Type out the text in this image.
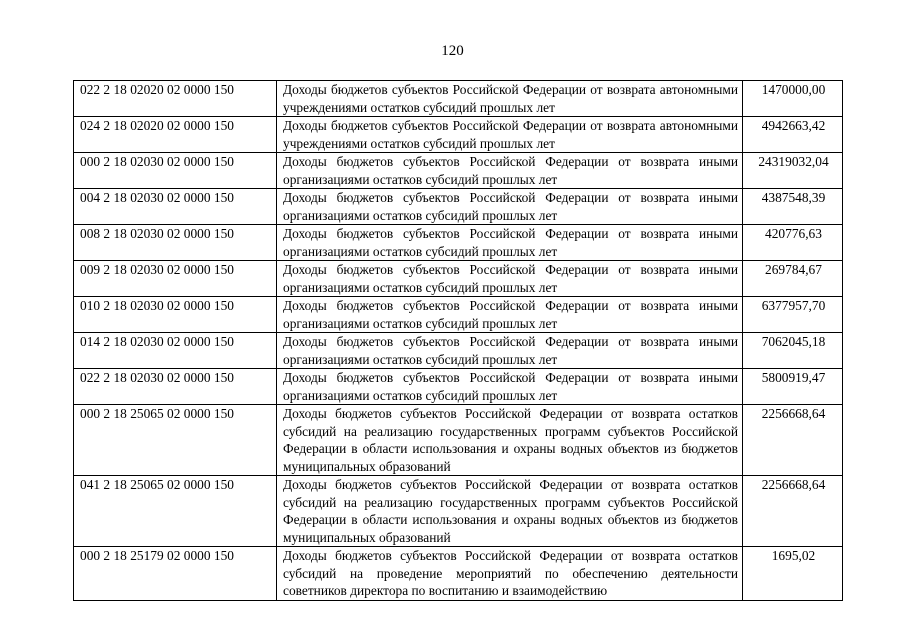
120
022 2 18 02020 02 0000 150	Доходы бюджетов субъектов Российской Федерации от возврата автономными учреждениями остатков субсидий прошлых лет	1470000,00
024 2 18 02020 02 0000 150	Доходы бюджетов субъектов Российской Федерации от возврата автономными учреждениями остатков субсидий прошлых лет	4942663,42
000 2 18 02030 02 0000 150	Доходы бюджетов субъектов Российской Федерации от возврата иными организациями остатков субсидий прошлых лет	24319032,04
004 2 18 02030 02 0000 150	Доходы бюджетов субъектов Российской Федерации от возврата иными организациями остатков субсидий прошлых лет	4387548,39
008 2 18 02030 02 0000 150	Доходы бюджетов субъектов Российской Федерации от возврата иными организациями остатков субсидий прошлых лет	420776,63
009 2 18 02030 02 0000 150	Доходы бюджетов субъектов Российской Федерации от возврата иными организациями остатков субсидий прошлых лет	269784,67
010 2 18 02030 02 0000 150	Доходы бюджетов субъектов Российской Федерации от возврата иными организациями остатков субсидий прошлых лет	6377957,70
014 2 18 02030 02 0000 150	Доходы бюджетов субъектов Российской Федерации от возврата иными организациями остатков субсидий прошлых лет	7062045,18
022 2 18 02030 02 0000 150	Доходы бюджетов субъектов Российской Федерации от возврата иными организациями остатков субсидий прошлых лет	5800919,47
000 2 18 25065 02 0000 150	Доходы бюджетов субъектов Российской Федерации от возврата остатков субсидий на реализацию государственных программ субъектов Российской Федерации в области использования и охраны водных объектов из бюджетов муниципальных образований	2256668,64
041 2 18 25065 02 0000 150	Доходы бюджетов субъектов Российской Федерации от возврата остатков субсидий на реализацию государственных программ субъектов Российской Федерации в области использования и охраны водных объектов из бюджетов муниципальных образований	2256668,64
000 2 18 25179 02 0000 150	Доходы бюджетов субъектов Российской Федерации от возврата остатков субсидий на проведение мероприятий по обеспечению деятельности советников директора по воспитанию и взаимодействию	1695,02
